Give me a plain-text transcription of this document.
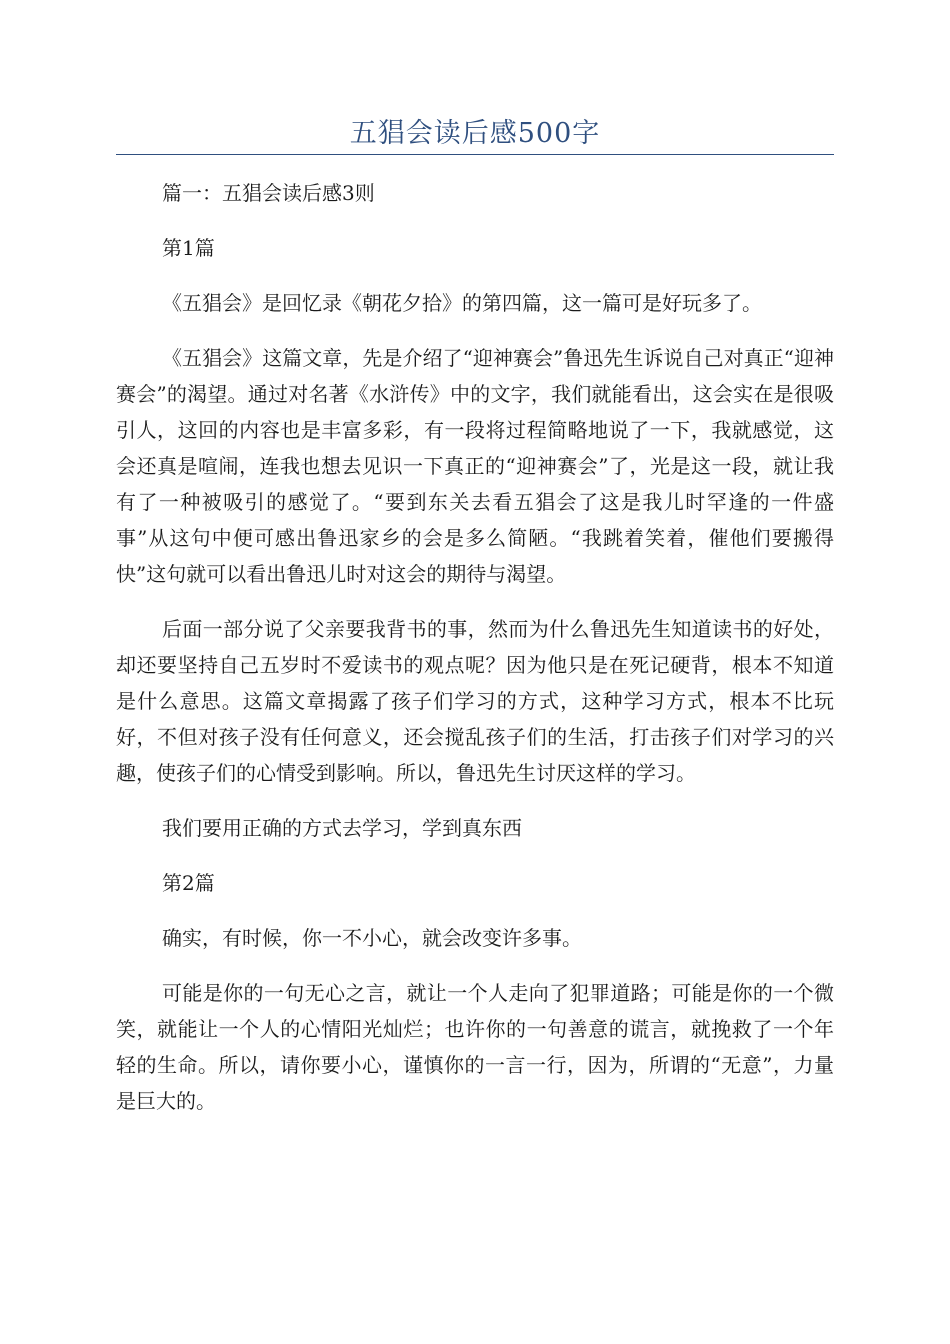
五猖会读后感500字

篇一：五猖会读后感3则

第1篇

《五猖会》是回忆录《朝花夕拾》的第四篇，这一篇可是好玩多了。

《五猖会》这篇文章，先是介绍了“迎神赛会”鲁迅先生诉说自己对真正“迎神赛会”的渴望。通过对名著《水浒传》中的文字，我们就能看出，这会实在是很吸引人，这回的内容也是丰富多彩，有一段将过程简略地说了一下，我就感觉，这会还真是喧闹，连我也想去见识一下真正的“迎神赛会”了，光是这一段，就让我有了一种被吸引的感觉了。“要到东关去看五猖会了这是我儿时罕逢的一件盛事”从这句中便可感出鲁迅家乡的会是多么简陋。“我跳着笑着，催他们要搬得快”这句就可以看出鲁迅儿时对这会的期待与渴望。

后面一部分说了父亲要我背书的事，然而为什么鲁迅先生知道读书的好处，却还要坚持自己五岁时不爱读书的观点呢？因为他只是在死记硬背，根本不知道是什么意思。这篇文章揭露了孩子们学习的方式，这种学习方式，根本不比玩好，不但对孩子没有任何意义，还会搅乱孩子们的生活，打击孩子们对学习的兴趣，使孩子们的心情受到影响。所以，鲁迅先生讨厌这样的学习。

我们要用正确的方式去学习，学到真东西

第2篇

确实，有时候，你一不小心，就会改变许多事。

可能是你的一句无心之言，就让一个人走向了犯罪道路；可能是你的一个微笑，就能让一个人的心情阳光灿烂；也许你的一句善意的谎言，就挽救了一个年轻的生命。所以，请你要小心，谨慎你的一言一行，因为，所谓的“无意”，力量是巨大的。
